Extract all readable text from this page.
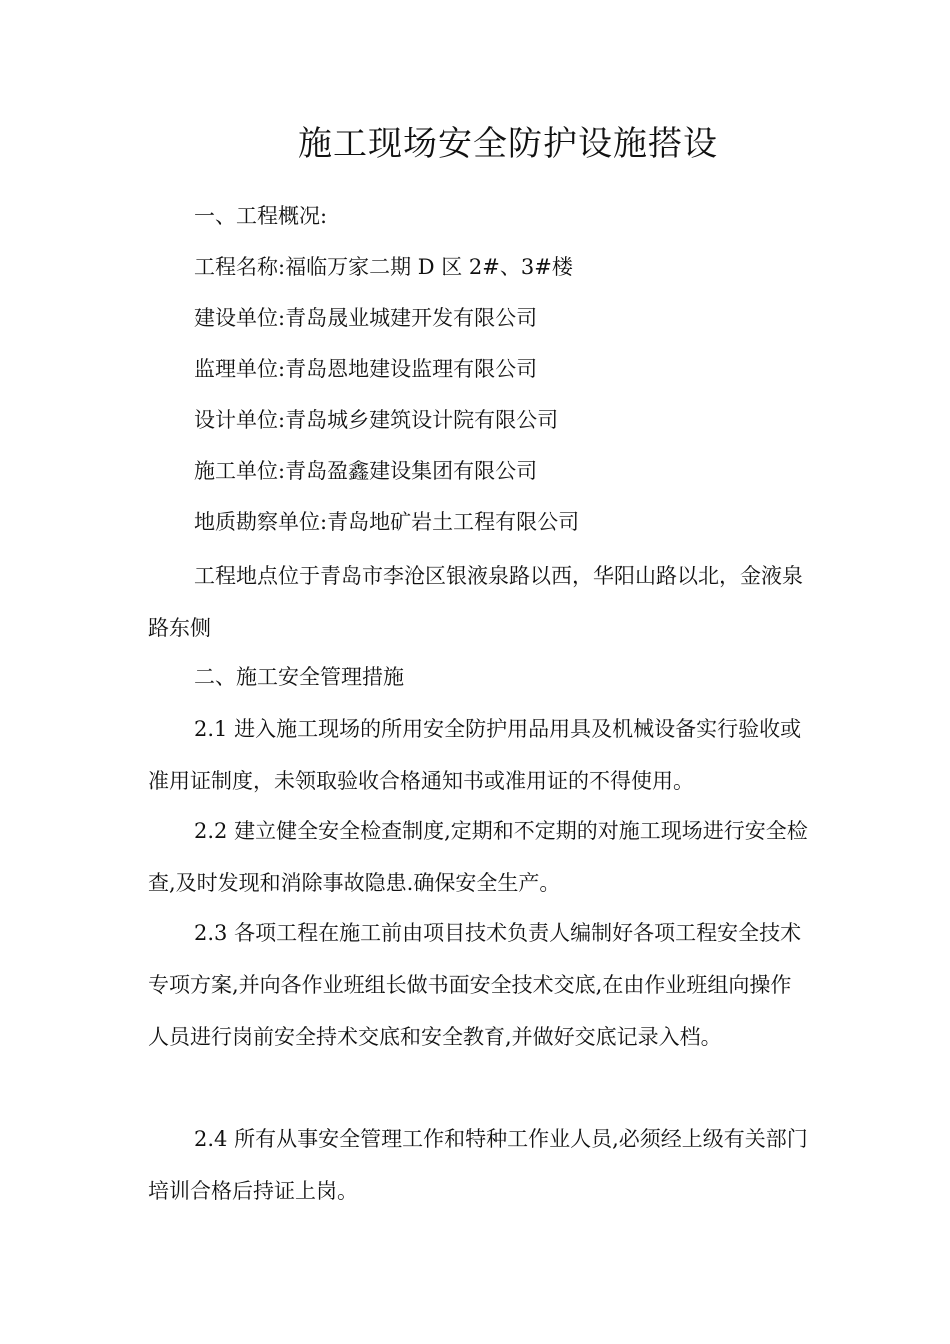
施工现场安全防护设施搭设
一、工程概况:
工程名称:福临万家二期 D 区 2#、3#楼
建设单位:青岛晟业城建开发有限公司
监理单位:青岛恩地建设监理有限公司
设计单位:青岛城乡建筑设计院有限公司
施工单位:青岛盈鑫建设集团有限公司
地质勘察单位:青岛地矿岩土工程有限公司
工程地点位于青岛市李沧区银液泉路以西，华阳山路以北，金液泉路东侧
二、施工安全管理措施
2.1 进入施工现场的所用安全防护用品用具及机械设备实行验收或准用证制度，未领取验收合格通知书或准用证的不得使用。
2.2 建立健全安全检查制度,定期和不定期的对施工现场进行安全检查,及时发现和消除事故隐患.确保安全生产。
2.3 各项工程在施工前由项目技术负责人编制好各项工程安全技术专项方案,并向各作业班组长做书面安全技术交底,在由作业班组向操作人员进行岗前安全持术交底和安全教育,并做好交底记录入档。
2.4 所有从事安全管理工作和特种工作业人员,必须经上级有关部门培训合格后持证上岗。
